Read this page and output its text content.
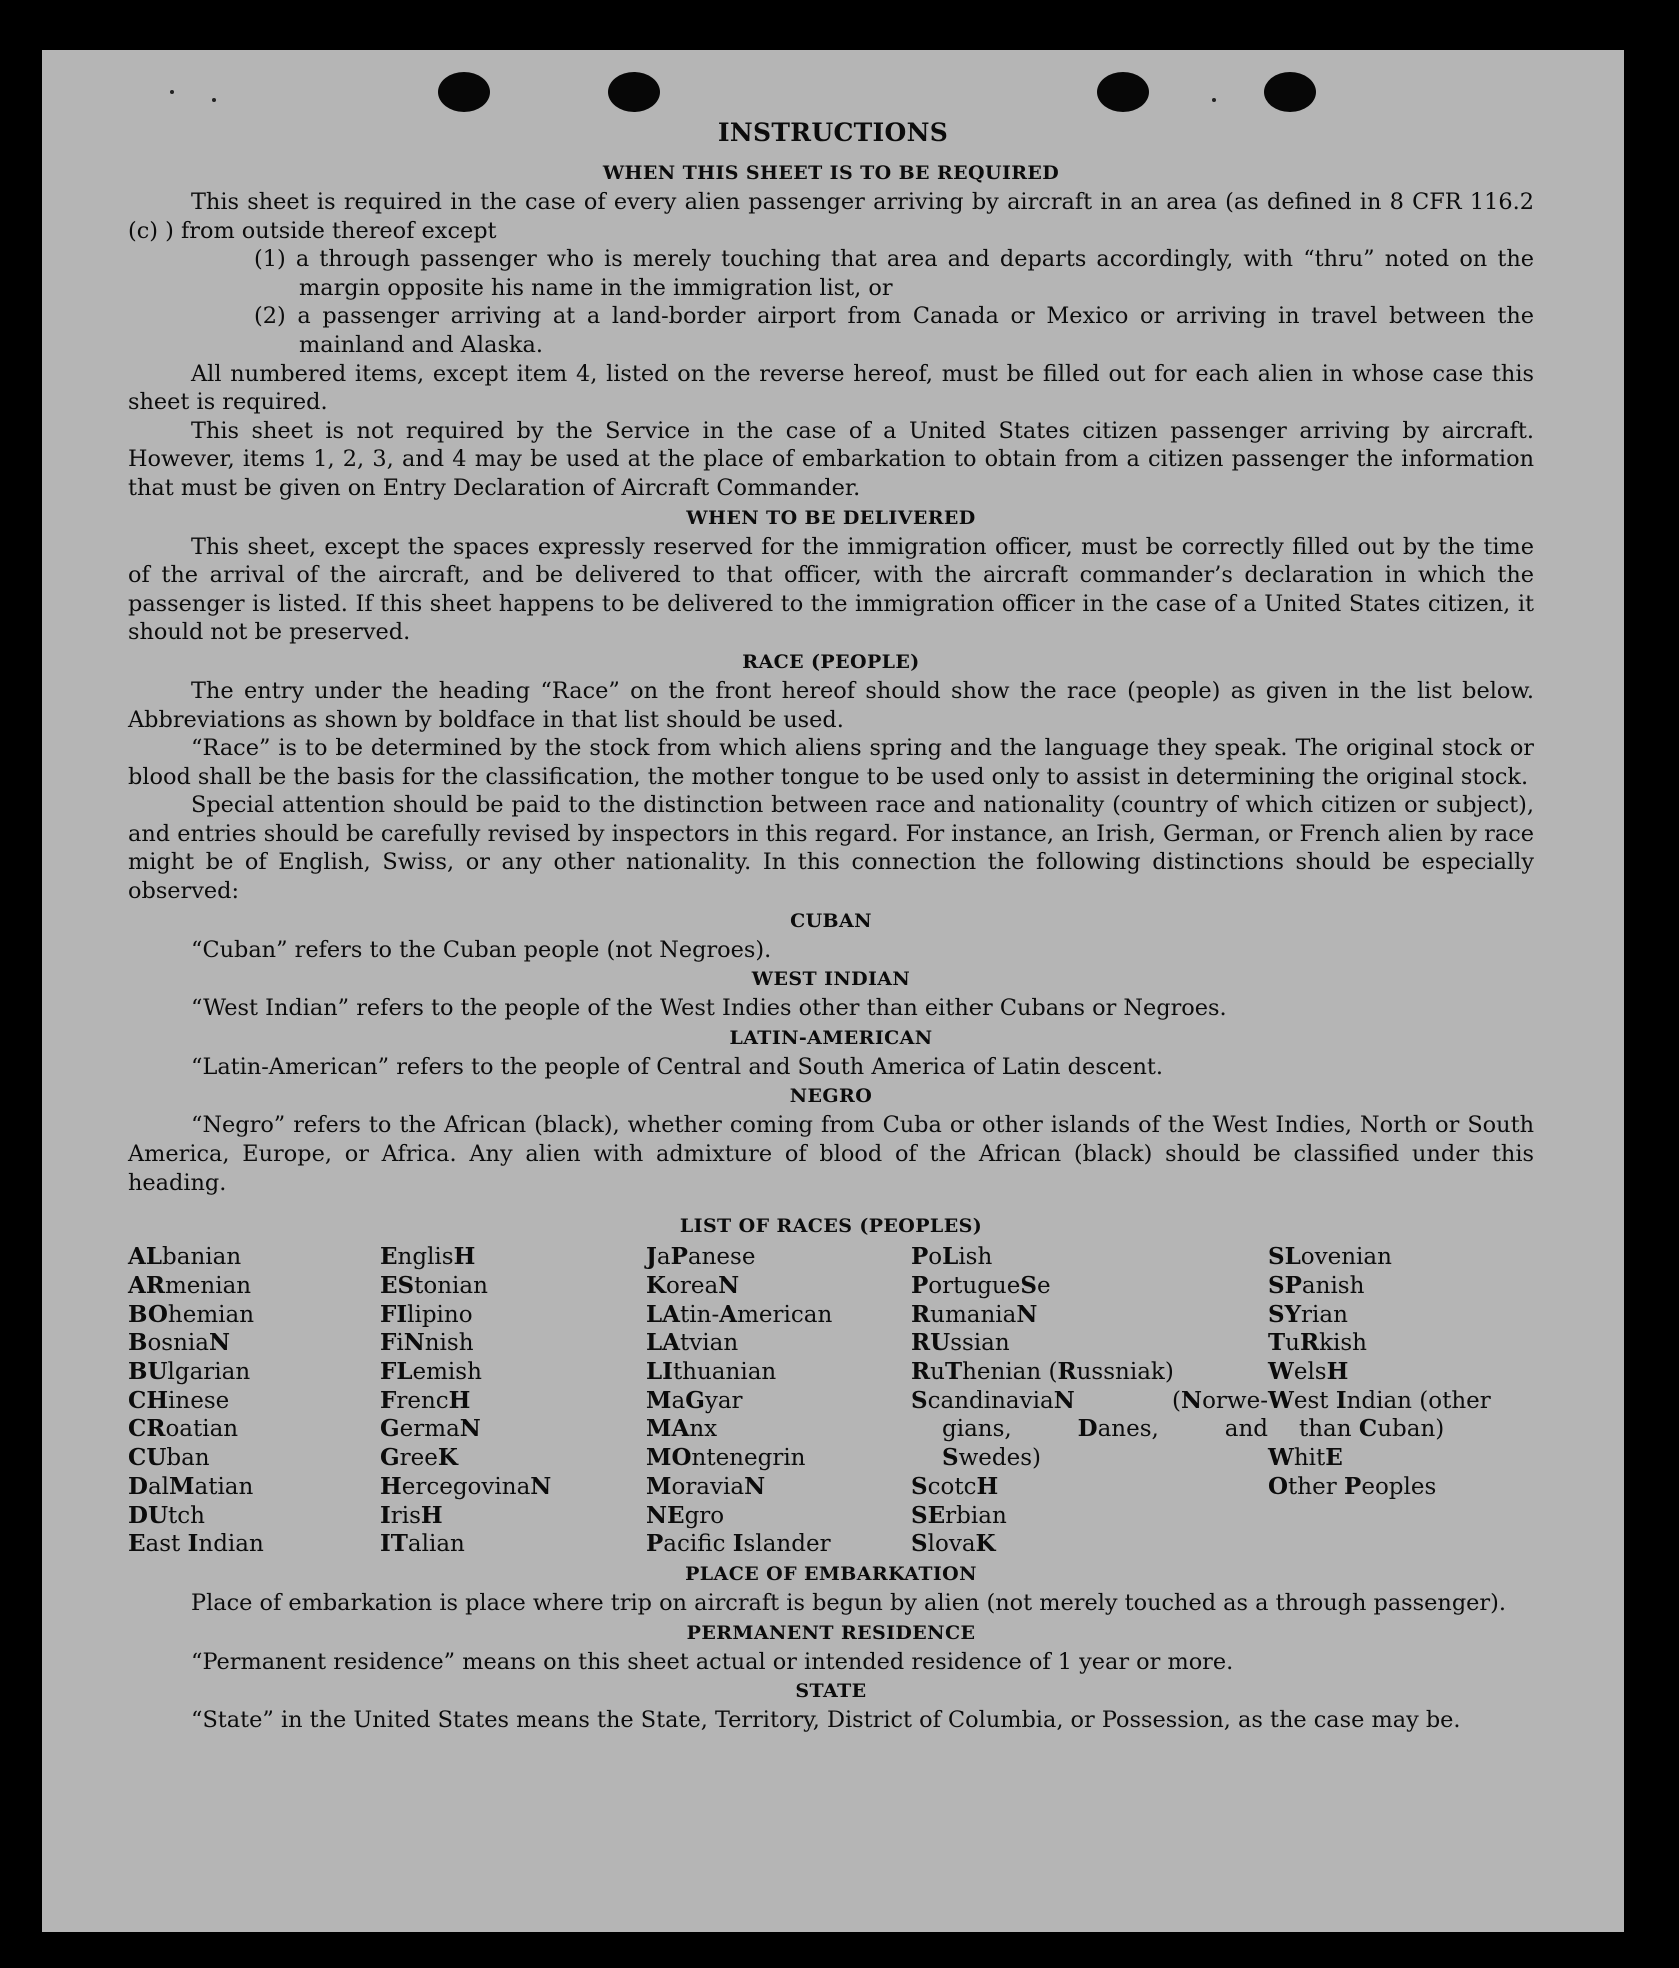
INSTRUCTIONS
WHEN THIS SHEET IS TO BE REQUIRED

This sheet is required in the case of every alien passenger arriving by aircraft in an area (as defined in 8 CFR 116.2 (c) ) from outside thereof except

(1) a through passenger who is merely touching that area and departs accordingly, with “thru” noted on the margin opposite his name in the immigration list, or

(2) a passenger arriving at a land-border airport from Canada or Mexico or arriving in travel between the mainland and Alaska.

All numbered items, except item 4, listed on the reverse hereof, must be filled out for each alien in whose case this sheet is required.

This sheet is not required by the Service in the case of a United States citizen passenger arriving by aircraft. However, items 1, 2, 3, and 4 may be used at the place of embarkation to obtain from a citizen passenger the information that must be given on Entry Declaration of Aircraft Commander.

WHEN TO BE DELIVERED

This sheet, except the spaces expressly reserved for the immigration officer, must be correctly filled out by the time of the arrival of the aircraft, and be delivered to that officer, with the aircraft commander’s declaration in which the passenger is listed. If this sheet happens to be delivered to the immigration officer in the case of a United States citizen, it should not be preserved.

RACE (PEOPLE)

The entry under the heading “Race” on the front hereof should show the race (people) as given in the list below. Abbreviations as shown by boldface in that list should be used.

“Race” is to be determined by the stock from which aliens spring and the language they speak. The original stock or blood shall be the basis for the classification, the mother tongue to be used only to assist in determining the original stock.

Special attention should be paid to the distinction between race and nationality (country of which citizen or subject), and entries should be carefully revised by inspectors in this regard. For instance, an Irish, German, or French alien by race might be of English, Swiss, or any other nationality. In this connection the following distinctions should be especially observed:

CUBAN

“Cuban” refers to the Cuban people (not Negroes).

WEST INDIAN

“West Indian” refers to the people of the West Indies other than either Cubans or Negroes.

LATIN-AMERICAN

“Latin-American” refers to the people of Central and South America of Latin descent.

NEGRO

“Negro” refers to the African (black), whether coming from Cuba or other islands of the West Indies, North or South America, Europe, or Africa. Any alien with admixture of blood of the African (black) should be classified under this heading.

LIST OF RACES (PEOPLES)
ALbanian
ARmenian
BOhemian
BosniaN
BUlgarian
CHinese
CRoatian
CUban
DalMatian
DUtch
East Indian
EnglisH
EStonian
FIlipino
FiNnish
FLemish
FrencH
GermaN
GreeK
HercegovinaN
IrisH
ITalian
JaPanese
KoreaN
LAtin-American
LAtvian
LIthuanian
MaGyar
MAnx
MOntenegrin
MoraviaN
NEgro
Pacific Islander
PoLish
PortugueSe
RumaniaN
RUssian
RuThenian (Russniak)
ScandinaviaN (Norwe-
gians, Danes, and
Swedes)
ScotcH
SErbian
SlovaK
SLovenian
SPanish
SYrian
TuRkish
WelsH
West Indian (other
than Cuban)
WhitE
Other Peoples
PLACE OF EMBARKATION

Place of embarkation is place where trip on aircraft is begun by alien (not merely touched as a through passenger).

PERMANENT RESIDENCE

“Permanent residence” means on this sheet actual or intended residence of 1 year or more.

STATE

“State” in the United States means the State, Territory, District of Columbia, or Possession, as the case may be.
